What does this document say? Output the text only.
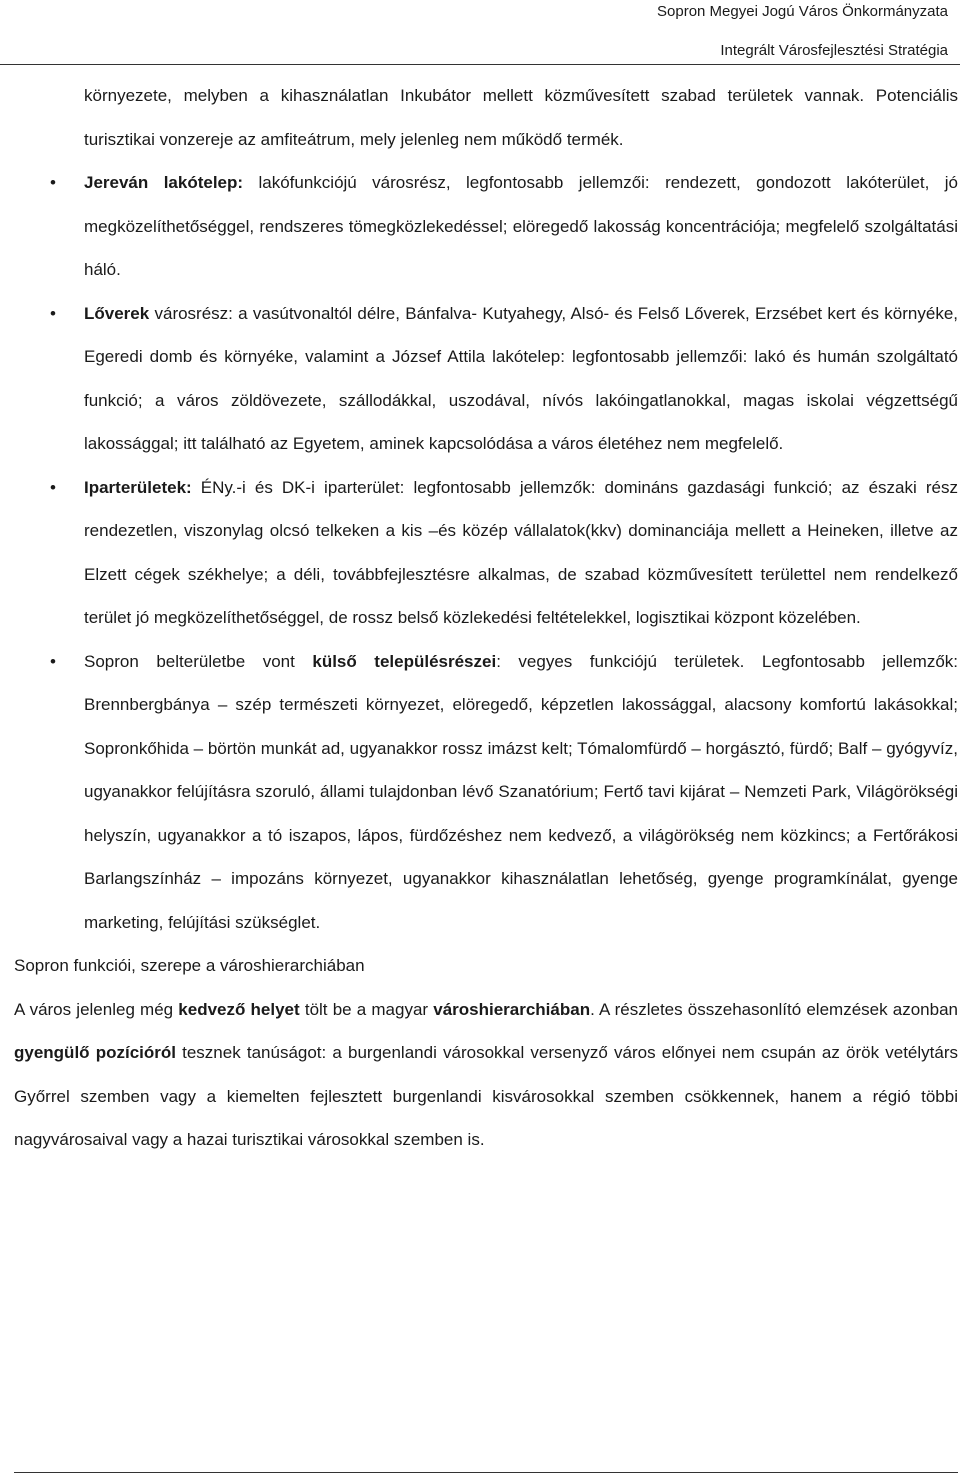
Sopron Megyei Jogú Város Önkormányzata
Integrált Városfejlesztési Stratégia
környezete, melyben a kihasználatlan Inkubátor mellett közművesített szabad területek vannak. Potenciális turisztikai vonzereje az amfiteátrum, mely jelenleg nem működő termék.
• Jereván lakótelep: lakófunkciójú városrész, legfontosabb jellemzői: rendezett, gondozott lakóterület, jó megközelíthetőséggel, rendszeres tömegközlekedéssel; elöregedő lakosság koncentrációja; megfelelő szolgáltatási háló.
• Lőverek városrész: a vasútvonaltól délre, Bánfalva- Kutyahegy, Alsó- és Felső Lőverek, Erzsébet kert és környéke, Egeredi domb és környéke, valamint a József Attila lakótelep: legfontosabb jellemzői: lakó és humán szolgáltató funkció; a város zöldövezete, szállodákkal, uszodával, nívós lakóingatlanokkal, magas iskolai végzettségű lakossággal; itt található az Egyetem, aminek kapcsolódása a város életéhez nem megfelelő.
• Iparterületek: ÉNy.-i és DK-i iparterület: legfontosabb jellemzők: domináns gazdasági funkció; az északi rész rendezetlen, viszonylag olcsó telkeken a kis –és közép vállalatok(kkv) dominanciája mellett a Heineken, illetve az Elzett cégek székhelye; a déli, továbbfejlesztésre alkalmas, de szabad közművesített területtel nem rendelkező terület jó megközelíthetőséggel, de rossz belső közlekedési feltételekkel, logisztikai központ közelében.
• Sopron belterületbe vont külső településrészei: vegyes funkciójú területek. Legfontosabb jellemzők: Brennbergbánya – szép természeti környezet, elöregedő, képzetlen lakossággal, alacsony komfortú lakásokkal; Sopronkőhida – börtön munkát ad, ugyanakkor rossz imázst kelt; Tómalomfürdő – horgásztó, fürdő; Balf – gyógyvíz, ugyanakkor felújításra szoruló, állami tulajdonban lévő Szanatórium; Fertő tavi kijárat – Nemzeti Park, Világörökségi helyszín, ugyanakkor a tó iszapos, lápos, fürdőzéshez nem kedvező, a világörökség nem közkincs; a Fertőrákosi Barlangszínház – impozáns környezet, ugyanakkor kihasználatlan lehetőség, gyenge programkínálat, gyenge marketing, felújítási szükséglet.
Sopron funkciói, szerepe a városhierarchiában
A város jelenleg még kedvező helyet tölt be a magyar városhierarchiában. A részletes összehasonlító elemzések azonban gyengülő pozícióról tesznek tanúságot: a burgenlandi városokkal versenyző város előnyei nem csupán az örök vetélytárs Győrrel szemben vagy a kiemelten fejlesztett burgenlandi kisvárosokkal szemben csökkennek, hanem a régió többi nagyvárosaival vagy a hazai turisztikai városokkal szemben is.
